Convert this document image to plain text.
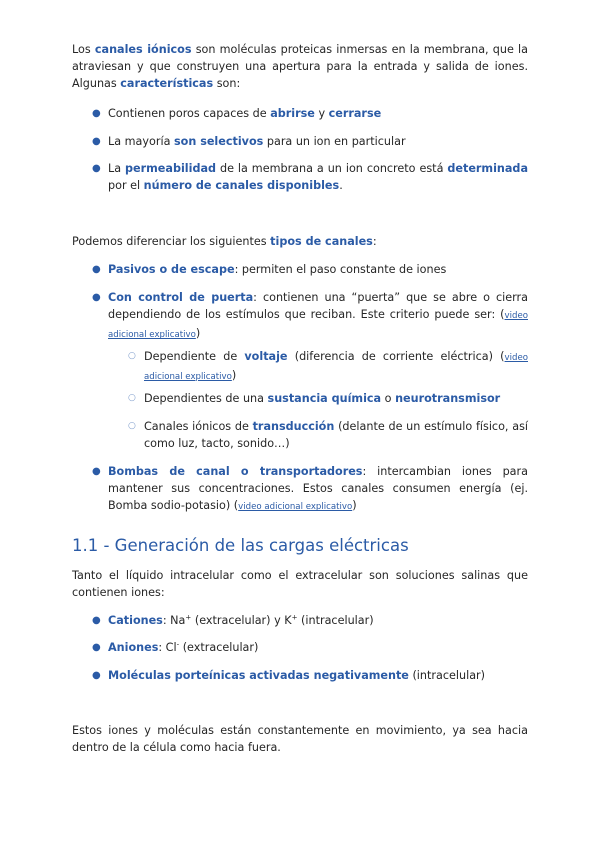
Los canales iónicos son moléculas proteicas inmersas en la membrana, que la atraviesan y que construyen una apertura para la entrada y salida de iones. Algunas características son:

● Contienen poros capaces de abrirse y cerrarse

● La mayoría son selectivos para un ion en particular

● La permeabilidad de la membrana a un ion concreto está determinada por el número de canales disponibles.

Podemos diferenciar los siguientes tipos de canales:

● Pasivos o de escape: permiten el paso constante de iones

● Con control de puerta: contienen una “puerta” que se abre o cierra dependiendo de los estímulos que reciban. Este criterio puede ser: (video adicional explicativo)

○ Dependiente de voltaje (diferencia de corriente eléctrica) (video adicional explicativo)

○ Dependientes de una sustancia química o neurotransmisor

○ Canales iónicos de transducción (delante de un estímulo físico, así como luz, tacto, sonido…)

● Bombas de canal o transportadores: intercambian iones para mantener sus concentraciones. Estos canales consumen energía (ej. Bomba sodio-potasio) (video adicional explicativo)

1.1 - Generación de las cargas eléctricas

Tanto el líquido intracelular como el extracelular son soluciones salinas que contienen iones:

● Cationes: Na+ (extracelular) y K+ (intracelular)

● Aniones: Cl- (extracelular)

● Moléculas porteínicas activadas negativamente (intracelular)

Estos iones y moléculas están constantemente en movimiento, ya sea hacia dentro de la célula como hacia fuera.
